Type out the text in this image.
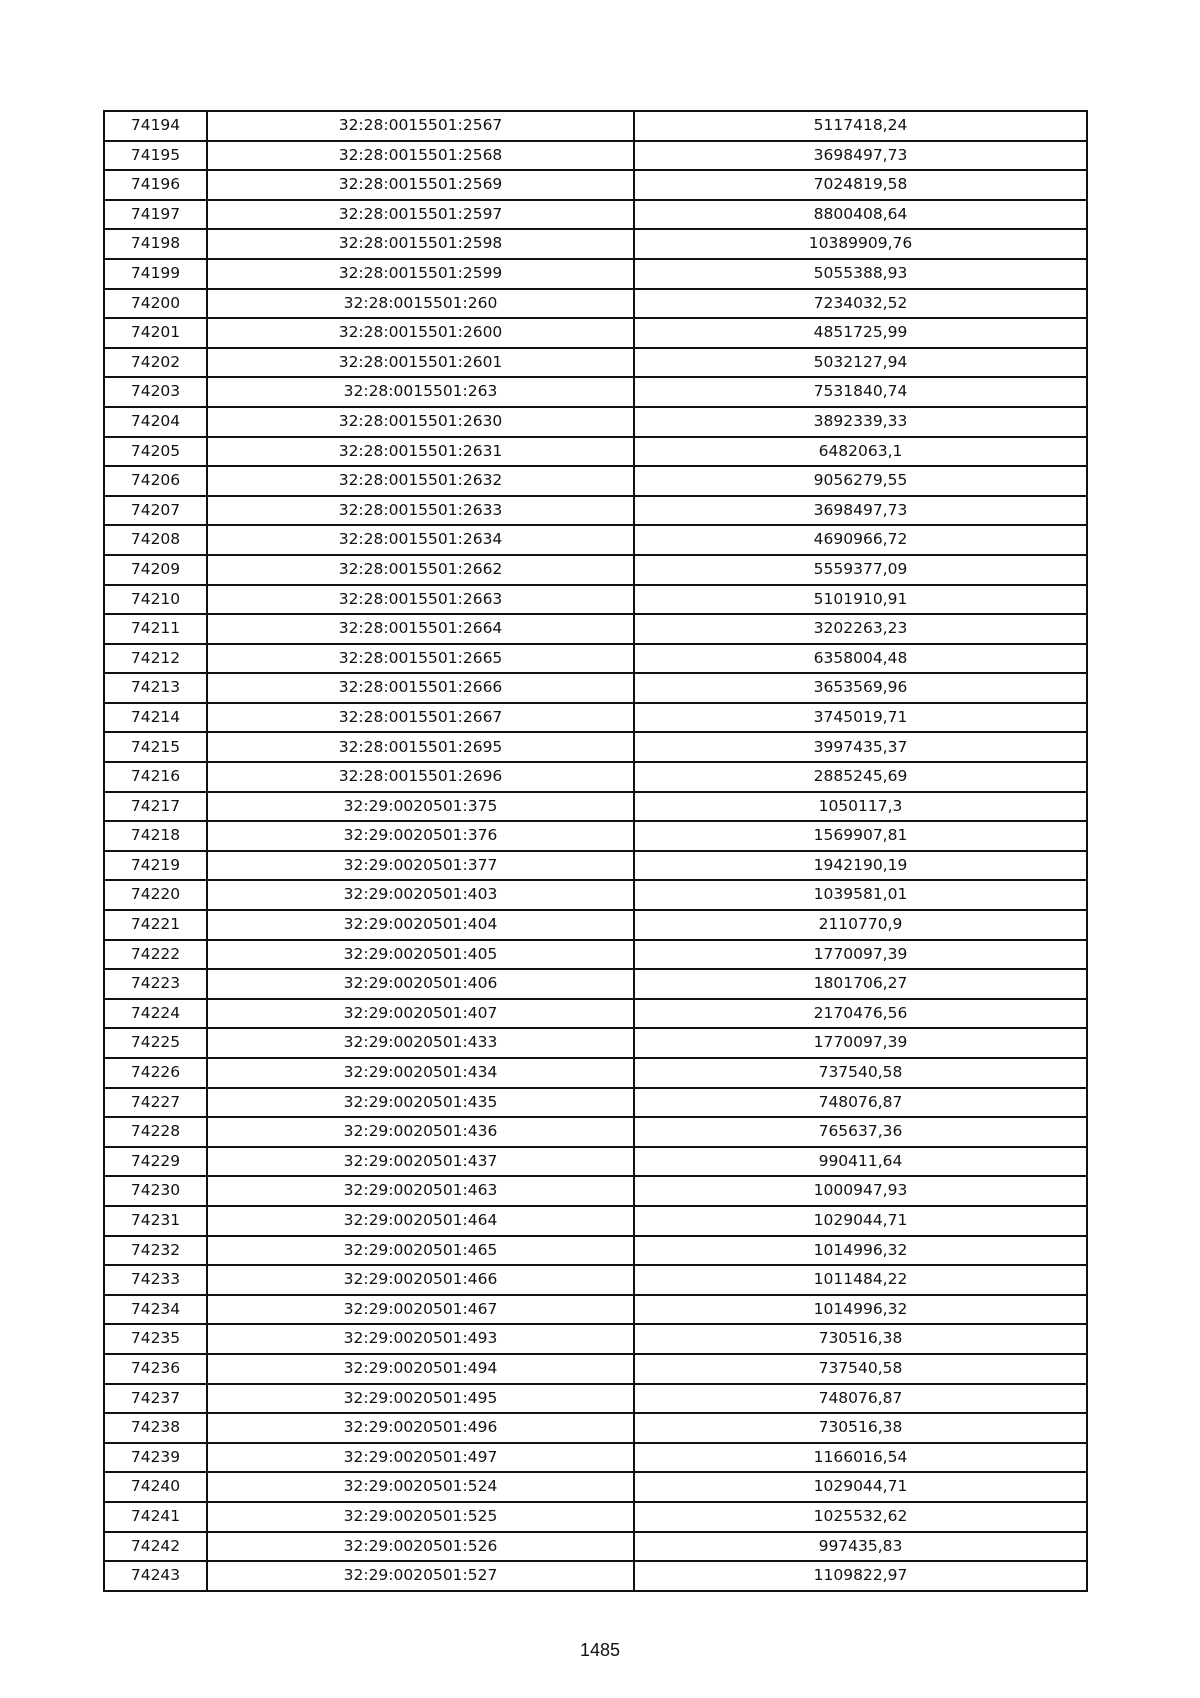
74194	32:28:0015501:2567	5117418,24
74195	32:28:0015501:2568	3698497,73
74196	32:28:0015501:2569	7024819,58
74197	32:28:0015501:2597	8800408,64
74198	32:28:0015501:2598	10389909,76
74199	32:28:0015501:2599	5055388,93
74200	32:28:0015501:260	7234032,52
74201	32:28:0015501:2600	4851725,99
74202	32:28:0015501:2601	5032127,94
74203	32:28:0015501:263	7531840,74
74204	32:28:0015501:2630	3892339,33
74205	32:28:0015501:2631	6482063,1
74206	32:28:0015501:2632	9056279,55
74207	32:28:0015501:2633	3698497,73
74208	32:28:0015501:2634	4690966,72
74209	32:28:0015501:2662	5559377,09
74210	32:28:0015501:2663	5101910,91
74211	32:28:0015501:2664	3202263,23
74212	32:28:0015501:2665	6358004,48
74213	32:28:0015501:2666	3653569,96
74214	32:28:0015501:2667	3745019,71
74215	32:28:0015501:2695	3997435,37
74216	32:28:0015501:2696	2885245,69
74217	32:29:0020501:375	1050117,3
74218	32:29:0020501:376	1569907,81
74219	32:29:0020501:377	1942190,19
74220	32:29:0020501:403	1039581,01
74221	32:29:0020501:404	2110770,9
74222	32:29:0020501:405	1770097,39
74223	32:29:0020501:406	1801706,27
74224	32:29:0020501:407	2170476,56
74225	32:29:0020501:433	1770097,39
74226	32:29:0020501:434	737540,58
74227	32:29:0020501:435	748076,87
74228	32:29:0020501:436	765637,36
74229	32:29:0020501:437	990411,64
74230	32:29:0020501:463	1000947,93
74231	32:29:0020501:464	1029044,71
74232	32:29:0020501:465	1014996,32
74233	32:29:0020501:466	1011484,22
74234	32:29:0020501:467	1014996,32
74235	32:29:0020501:493	730516,38
74236	32:29:0020501:494	737540,58
74237	32:29:0020501:495	748076,87
74238	32:29:0020501:496	730516,38
74239	32:29:0020501:497	1166016,54
74240	32:29:0020501:524	1029044,71
74241	32:29:0020501:525	1025532,62
74242	32:29:0020501:526	997435,83
74243	32:29:0020501:527	1109822,97
1485
